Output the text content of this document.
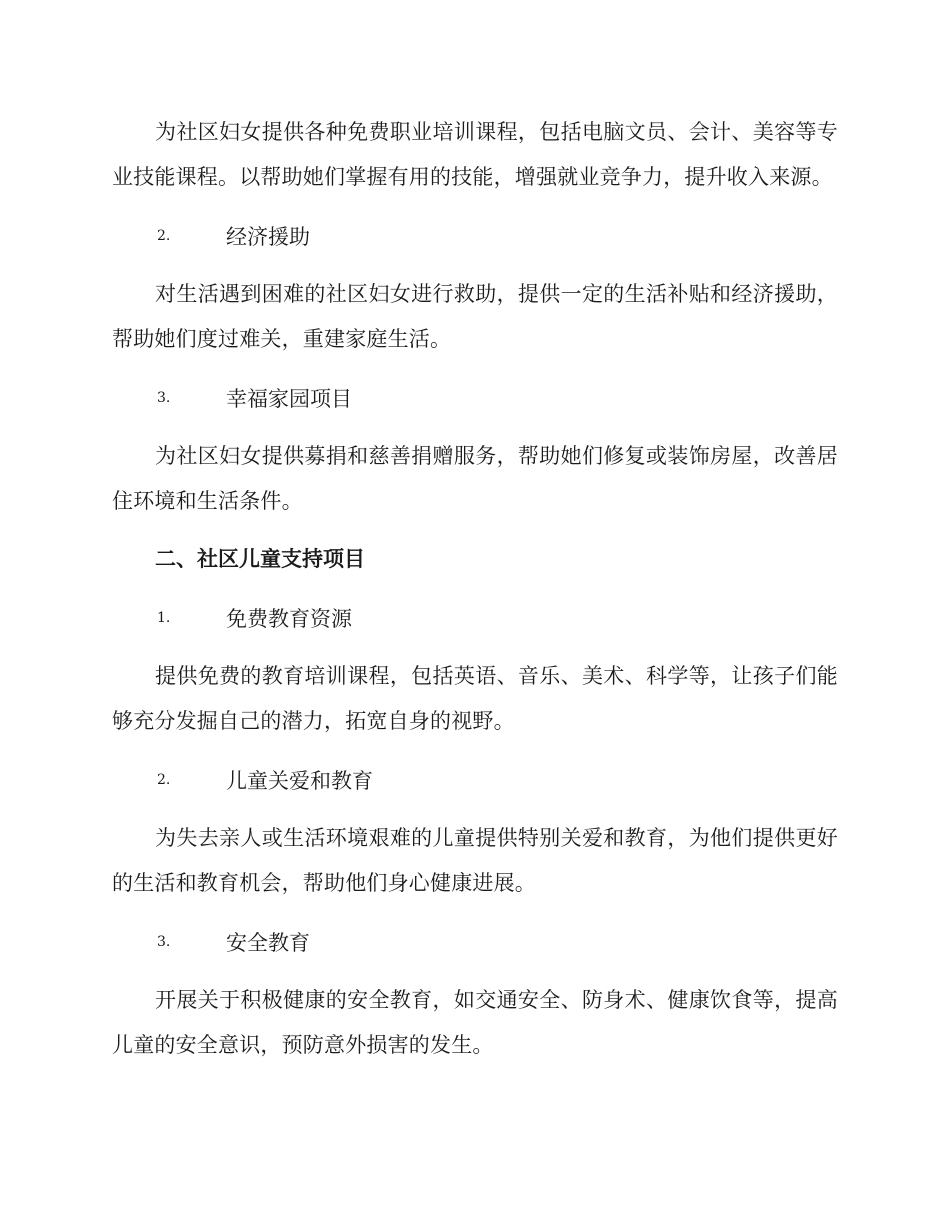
为社区妇女提供各种免费职业培训课程，包括电脑文员、会计、美容等专业技能课程。以帮助她们掌握有用的技能，增强就业竞争力，提升收入来源。

2.	经济援助

对生活遇到困难的社区妇女进行救助，提供一定的生活补贴和经济援助，帮助她们度过难关，重建家庭生活。

3.	幸福家园项目

为社区妇女提供募捐和慈善捐赠服务，帮助她们修复或装饰房屋，改善居住环境和生活条件。

二、社区儿童支持项目
1.	免费教育资源

提供免费的教育培训课程，包括英语、音乐、美术、科学等，让孩子们能够充分发掘自己的潜力，拓宽自身的视野。

2.	儿童关爱和教育

为失去亲人或生活环境艰难的儿童提供特别关爱和教育，为他们提供更好的生活和教育机会，帮助他们身心健康进展。

3.	安全教育

开展关于积极健康的安全教育，如交通安全、防身术、健康饮食等，提高儿童的安全意识，预防意外损害的发生。
